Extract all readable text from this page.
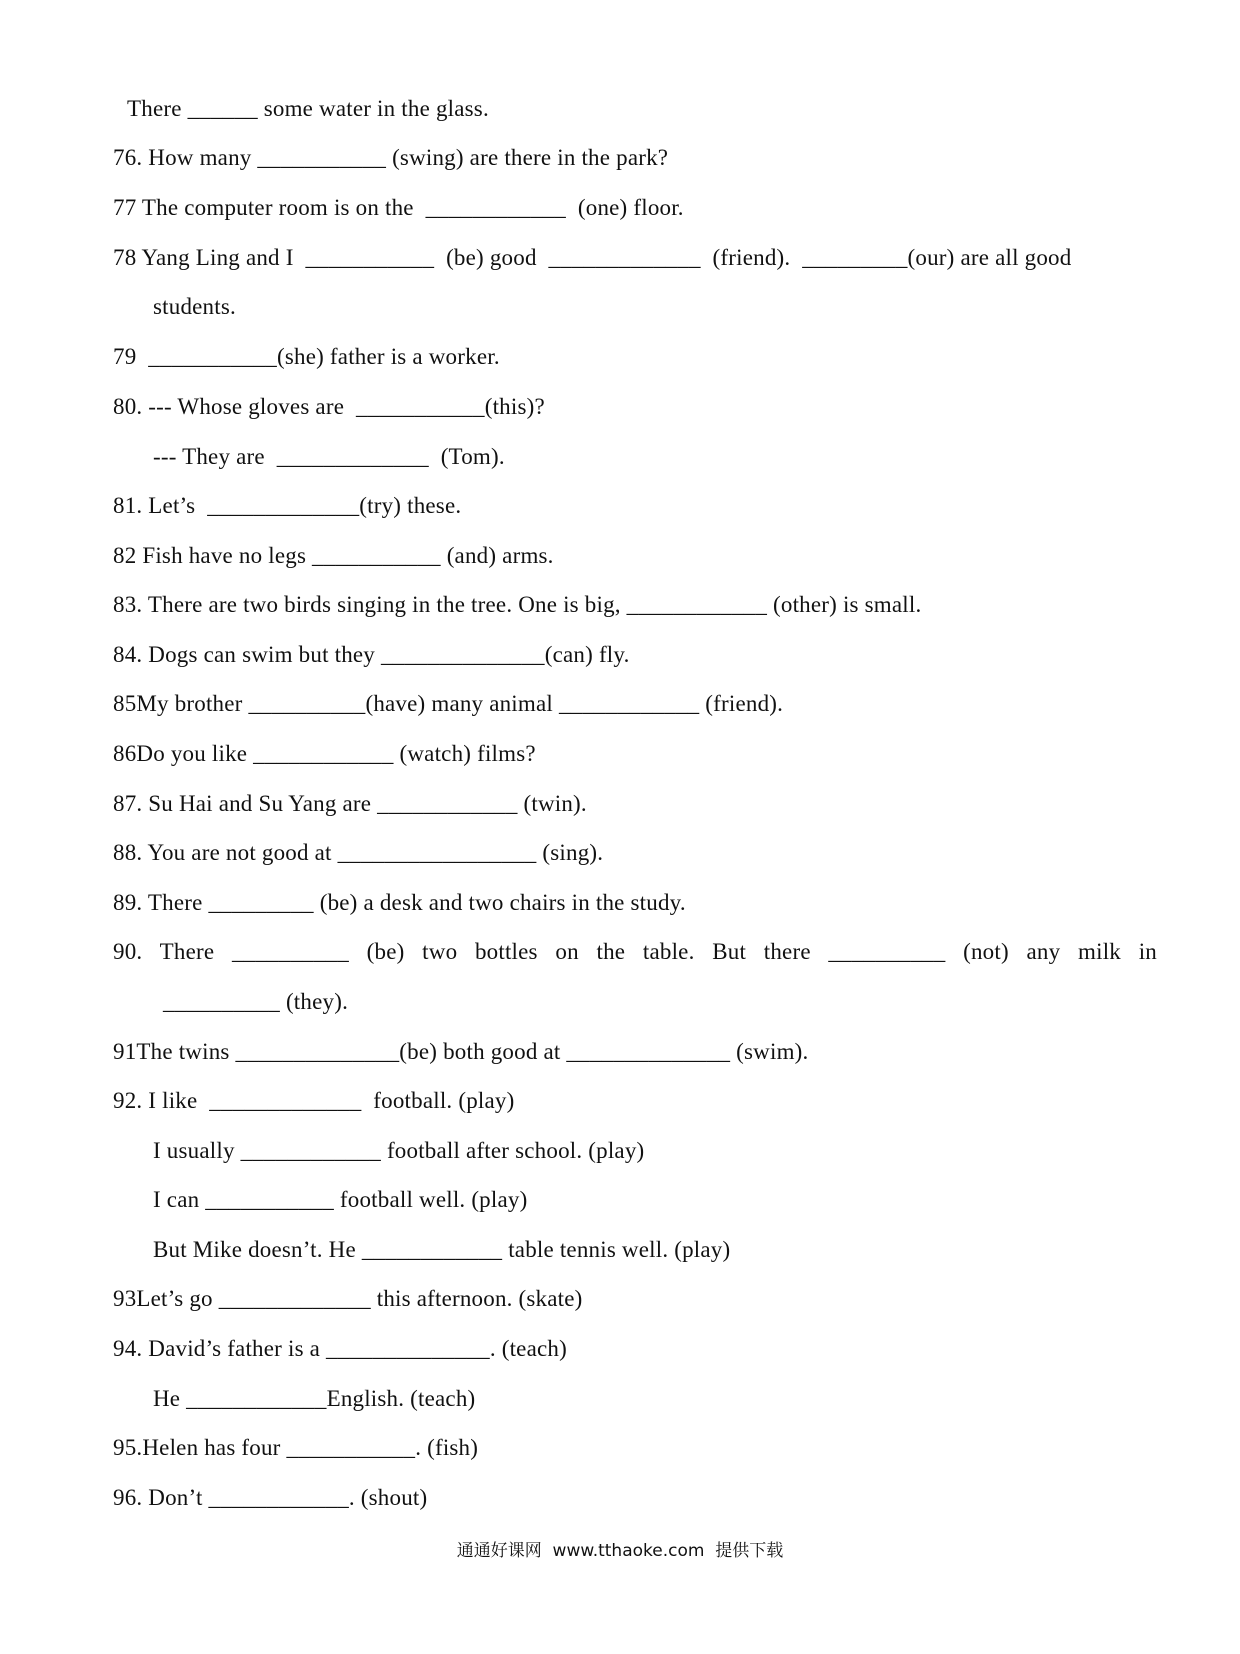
There ______ some water in the glass.
76. How many ___________ (swing) are there in the park?
77 The computer room is on the  ____________  (one) floor.
78 Yang Ling and I  ___________  (be) good  _____________  (friend).  _________(our) are all good
students.
79  ___________(she) father is a worker.
80. --- Whose gloves are  ___________(this)?
--- They are  _____________  (Tom).
81. Let’s  _____________(try) these.
82 Fish have no legs ___________ (and) arms.
83. There are two birds singing in the tree. One is big, ____________ (other) is small.
84. Dogs can swim but they ______________(can) fly.
85My brother __________(have) many animal ____________ (friend).
86Do you like ____________ (watch) films?
87. Su Hai and Su Yang are ____________ (twin).
88. You are not good at _________________ (sing).
89. There _________ (be) a desk and two chairs in the study.
90. There __________ (be) two bottles on the table. But there __________ (not) any milk in
__________ (they).
91The twins ______________(be) both good at ______________ (swim).
92. I like  _____________  football. (play)
I usually ____________ football after school. (play)
I can ___________ football well. (play)
But Mike doesn’t. He ____________ table tennis well. (play)
93Let’s go _____________ this afternoon. (skate)
94. David’s father is a ______________. (teach)
He ____________English. (teach)
95.Helen has four ___________. (fish)
96. Don’t ____________. (shout)
通通好课网  www.tthaoke.com  提供下载
